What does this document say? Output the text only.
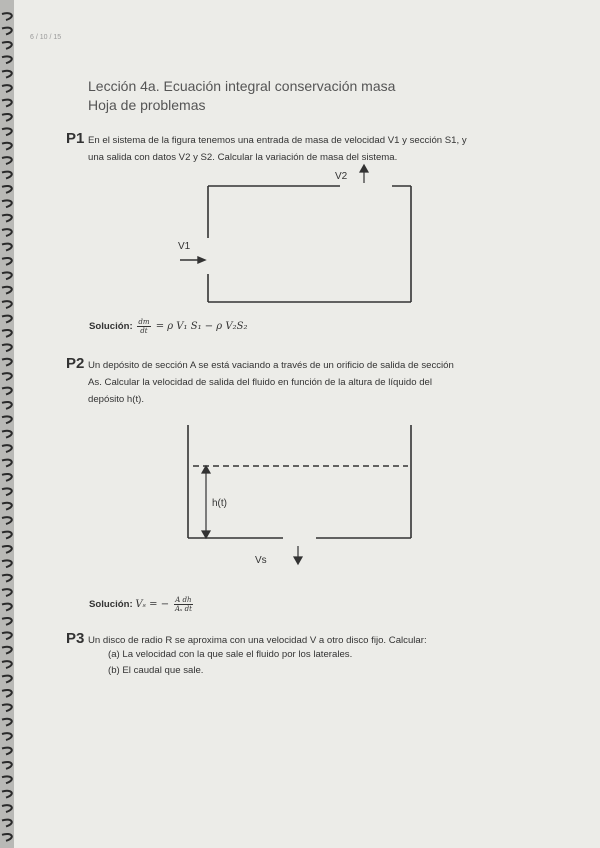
6 / 10 / 15
Lección 4a. Ecuación integral conservación masa
Hoja de problemas
P1 En el sistema de la figura tenemos una entrada de masa de velocidad V1 y sección S1, y
una salida con datos V2 y S2. Calcular la variación de masa del sistema.
V2
V1
Solución: $\frac{dm}{dt} = \rho$ V₁ S₁ − ρ V₂S₂
P2 Un depósito de sección A se está vaciando a través de un orificio de salida de sección
As. Calcular la velocidad de salida del fluido en función de la altura de líquido del
depósito h(t).
h(t)
Vs
Solución: Vₛ = − $\frac{\text{A dh}}{\text{Aₛ dt}}$
P3 Un disco de radio R se aproxima con una velocidad V a otro disco fijo. Calcular:
(a) La velocidad con la que sale el fluido por los laterales.
(b) El caudal que sale.
